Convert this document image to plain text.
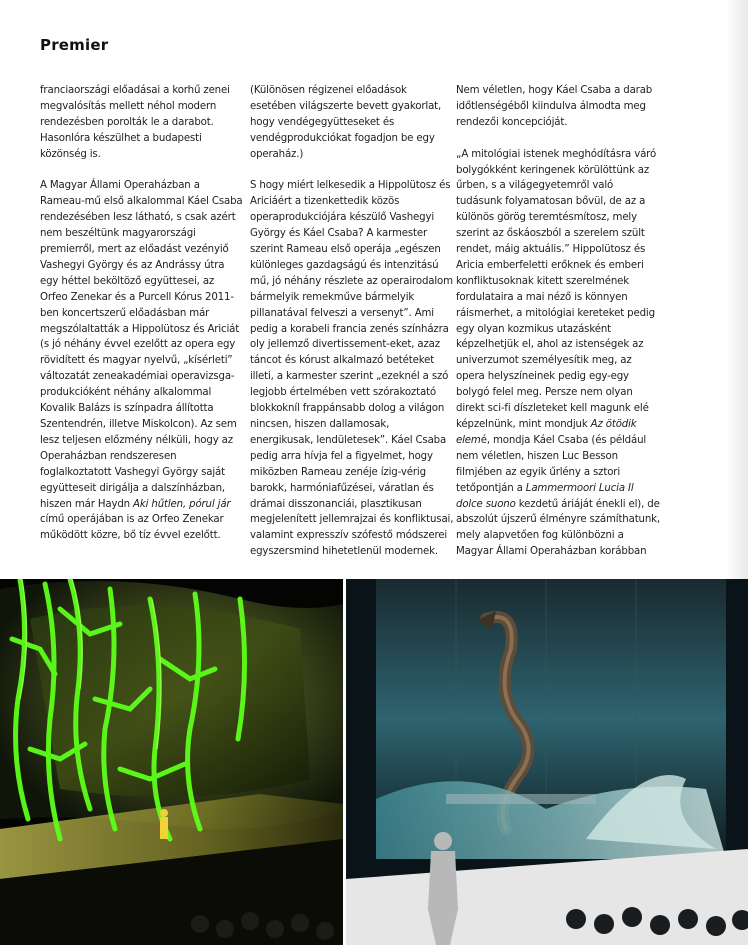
Premier

franciaországi előadásai a korhű zenei megvalósítás mellett néhol modern rendezésben porolták le a darabot. Hasonlóra készülhet a budapesti közönség is.

A Magyar Állami Operaházban a Rameau-mű első alkalommal Káel Csaba rendezésében lesz látható, s csak azért nem beszéltünk magyarországi premierről, mert az előadást vezényiő Vashegyi György és az Andrássy útra egy héttel beköltöző együttesei, az Orfeo Zenekar és a Purcell Kórus 2011-ben koncertszerű előadásban már megszólaltatták a Hippolütosz és Ariciát (s jó néhány évvel ezelőtt az opera egy rövidített és magyar nyelvű, „kísérleti” változatát zeneakadémiai operavizsga-produkcióként néhány alkalommal Kovalik Balázs is színpadra állította Szentendrén, illetve Miskolcon). Az sem lesz teljesen előzmény nélküli, hogy az Operaházban rendszeresen foglalkoztatott Vashegyi György saját együtteseit dirigálja a dalszínházban, hiszen már Haydn Aki hűtlen, pórul jár című operájában is az Orfeo Zenekar működött közre, bő tíz évvel ezelőtt.

(Különösen régizenei előadások esetében világszerte bevett gyakorlat, hogy vendégegyütteseket és vendégprodukciókat fogadjon be egy operaház.)

S hogy miért lelkesedik a Hippolütosz és Ariciáért a tizenkettedik közös operaprodukciójára készülő Vashegyi György és Káel Csaba? A karmester szerint Rameau első operája „egészen különleges gazdagságú és intenzitású mű, jó néhány részlete az operairodalom bármelyik remekműve bármelyik pillanatával felveszi a versenyt”. Ami pedig a korabeli francia zenés színházra oly jellemző divertissement-eket, azaz táncot és kórust alkalmazó betéteket illeti, a karmester szerint „ezeknél a szó legjobb értelmében vett szórakoztató blokkokníl frappánsabb dolog a világon nincsen, hiszen dallamosak, energikusak, lendületesek”. Káel Csaba pedig arra hívja fel a figyelmet, hogy miközben Rameau zenéje ízig-vérig barokk, harmóniafűzései, váratlan és drámai disszonanciái, plasztikusan megjelenített jellemrajzai és konfliktusai, valamint expresszív szófestő módszerei egyszersmind hihetetlenül modernek.

Nem véletlen, hogy Káel Csaba a darab időtlenségéből kiindulva álmodta meg rendezői koncepcióját.

„A mitológiai istenek meghódításra váró bolygókként keringenek körülöttünk az űrben, s a világegyetemről való tudásunk folyamatosan bővül, de az a különös görög teremtésmítosz, mely szerint az őskáoszból a szerelem szült rendet, máig aktuális.” Hippolütosz és Aricia emberfeletti erőknek és emberi konfliktusoknak kitett szerelmének fordulataira a mai néző is könnyen ráismerhet, a mitológiai kereteket pedig egy olyan kozmikus utazásként képzelhetjük el, ahol az istenségek az univerzumot személyesítik meg, az opera helyszíneinek pedig egy-egy bolygó felel meg. Persze nem olyan direkt sci-fi díszleteket kell magunk elé képzelnünk, mint mondjuk Az ötödik elemé, mondja Káel Csaba (és például nem véletlen, hiszen Luc Besson filmjében az egyik űrlény a sztori tetőpontján a Lammermoori Lucia Il dolce suono kezdetű áriáját énekli el), de abszolút újszerű élményre számíthatunk, mely alapvetően fog különbözni a Magyar Állami Operaházban korábban
